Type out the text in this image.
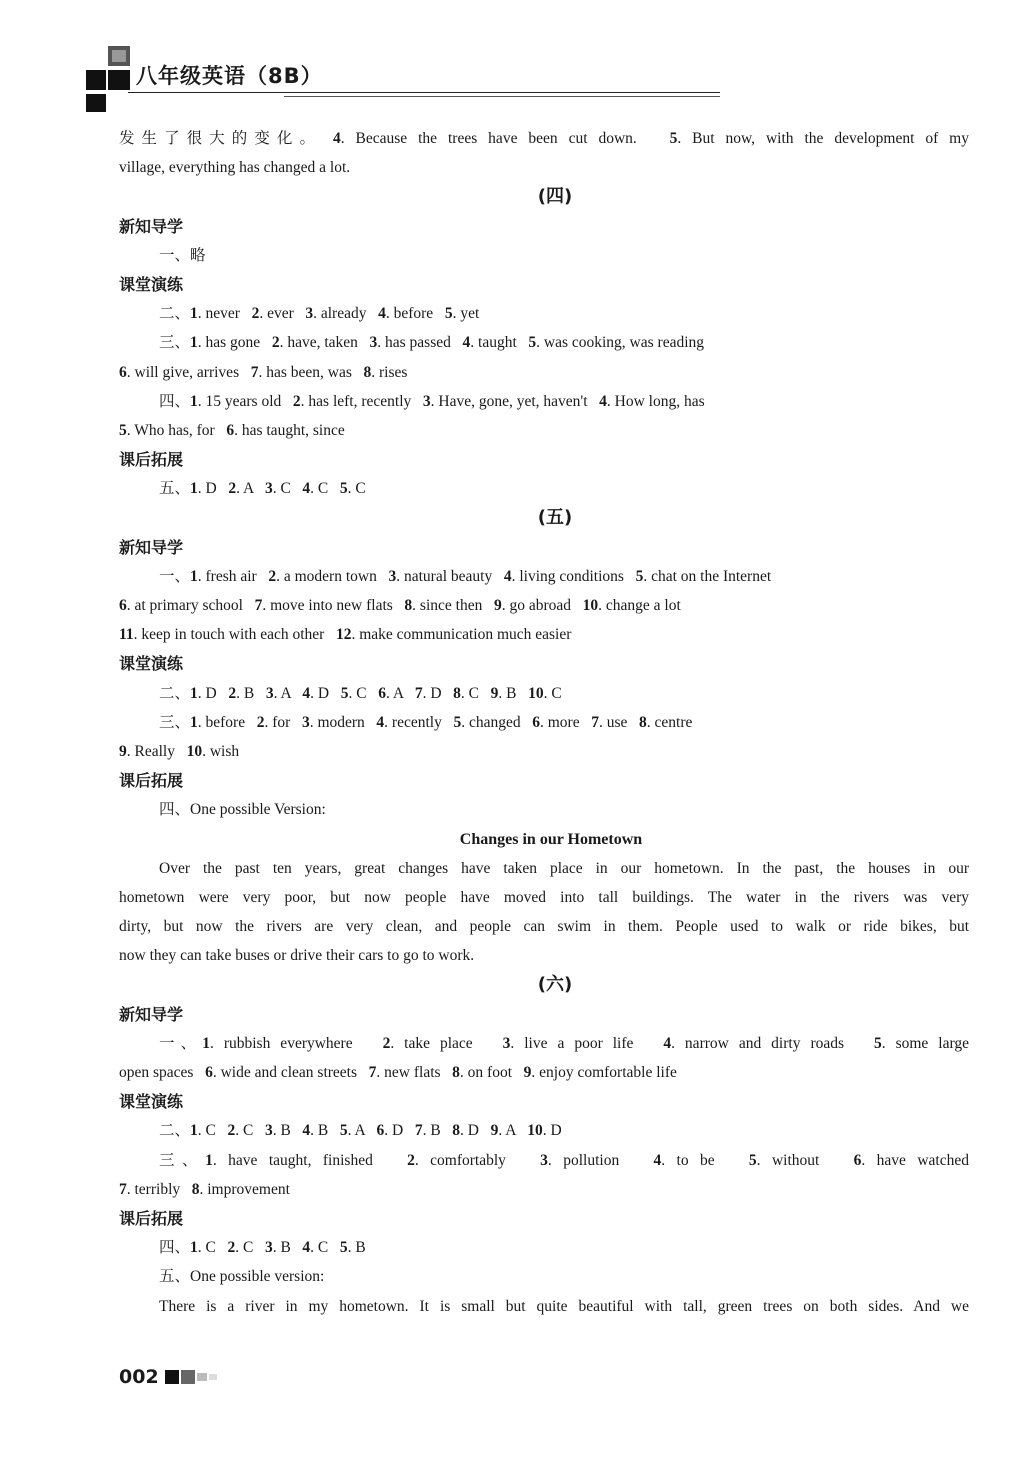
八年级英语（8B）
发生了很大的变化。 4. Because the trees have been cut down.   5. But now, with the development of my
village, everything has changed a lot.
(四)
新知导学
一、略
课堂演练
二、1. never   2. ever   3. already   4. before   5. yet
三、1. has gone   2. have, taken   3. has passed   4. taught   5. was cooking, was reading
6. will give, arrives   7. has been, was   8. rises
四、1. 15 years old   2. has left, recently   3. Have, gone, yet, haven't   4. How long, has
5. Who has, for   6. has taught, since
课后拓展
五、1. D   2. A   3. C   4. C   5. C
(五)
新知导学
一、1. fresh air   2. a modern town   3. natural beauty   4. living conditions   5. chat on the Internet
6. at primary school   7. move into new flats   8. since then   9. go abroad   10. change a lot
11. keep in touch with each other   12. make communication much easier
课堂演练
二、1. D   2. B   3. A   4. D   5. C   6. A   7. D   8. C   9. B   10. C
三、1. before   2. for   3. modern   4. recently   5. changed   6. more   7. use   8. centre
9. Really   10. wish
课后拓展
四、One possible Version:
Changes in our Hometown
Over the past ten years, great changes have taken place in our hometown. In the past, the houses in our
hometown were very poor, but now people have moved into tall buildings. The water in the rivers was very
dirty, but now the rivers are very clean, and people can swim in them. People used to walk or ride bikes, but
now they can take buses or drive their cars to go to work.
(六)
新知导学
一、1. rubbish everywhere   2. take place   3. live a poor life   4. narrow and dirty roads   5. some large
open spaces   6. wide and clean streets   7. new flats   8. on foot   9. enjoy comfortable life
课堂演练
二、1. C   2. C   3. B   4. B   5. A   6. D   7. B   8. D   9. A   10. D
三、1. have taught, finished   2. comfortably   3. pollution   4. to be   5. without   6. have watched
7. terribly   8. improvement
课后拓展
四、1. C   2. C   3. B   4. C   5. B
五、One possible version:
There is a river in my hometown. It is small but quite beautiful with tall, green trees on both sides. And we
002
